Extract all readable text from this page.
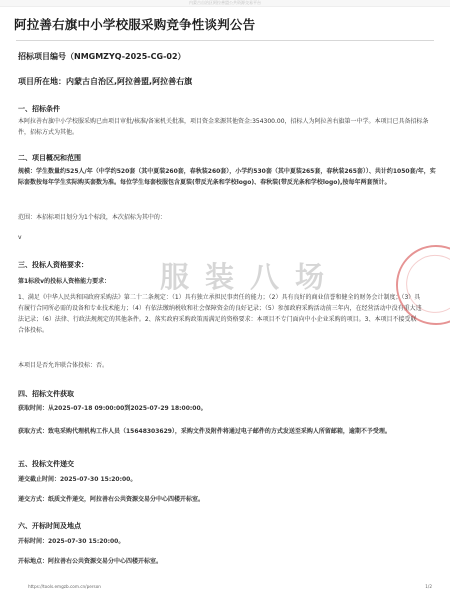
内蒙古自治区阿拉善盟公共资源交易平台
阿拉善右旗中小学校服采购竞争性谈判公告
招标项目编号（NMGMZYQ-2025-CG-02）
项目所在地：内蒙古自治区,阿拉善盟,阿拉善右旗
一、招标条件
本阿拉善右旗中小学校服采购已由项目审批/核准/备案机关批准，项目资金来源其他资金:354300.00，招标人为阿拉善右旗第一中学。本项目已具备招标条件，招标方式为其他。
二、项目概况和范围
规模：学生数量约525人/年（中学约520套（其中夏装260套，春秋装260套），小学约530套（其中夏装265套，春秋装265套））、共计约1050套/年，实际套数按每年学生实际购买套数为准。每位学生每套校服包含夏装(带反光条和学校logo)、春秋装(带反光条和学校logo),按每年两套预计。
范围：本招标项目划分为1个标段，本次招标为其中的：
v
三、投标人资格要求：
第1标段v的投标人资格能力要求：
1、满足《中华人民共和国政府采购法》第二十二条规定：（1）具有独立承担民事责任的能力；（2）具有良好的商业信誉和健全的财务会计制度；（3）具有履行合同所必需的设备和专业技术能力；（4）有依法缴纳税收和社会保障资金的良好记录；（5）参加政府采购活动前三年内，在经营活动中没有重大违法记录；（6）法律、行政法规规定的其他条件。2、落实政府采购政策需满足的资格要求：本项目不专门面向中小企业采购的项目。3、本项目不接受联合体投标。
本项目是否允许联合体投标：否。
四、招标文件获取
获取时间：从2025-07-18 09:00:00到2025-07-29 18:00:00。
获取方式：致电采购代理机构工作人员（15648303629），采购文件及附件将通过电子邮件的方式发送至采购人所留邮箱，逾期不予受理。
五、投标文件递交
递交截止时间：2025-07-30 15:20:00。
递交方式：纸质文件递交，阿拉善右公共资源交易分中心四楼开标室。
六、开标时间及地点
开标时间：2025-07-30 15:20:00。
开标地点：阿拉善右公共资源交易分中心四楼开标室。
服装八场
https://tools.emgzb.com.cn/person	1/2
